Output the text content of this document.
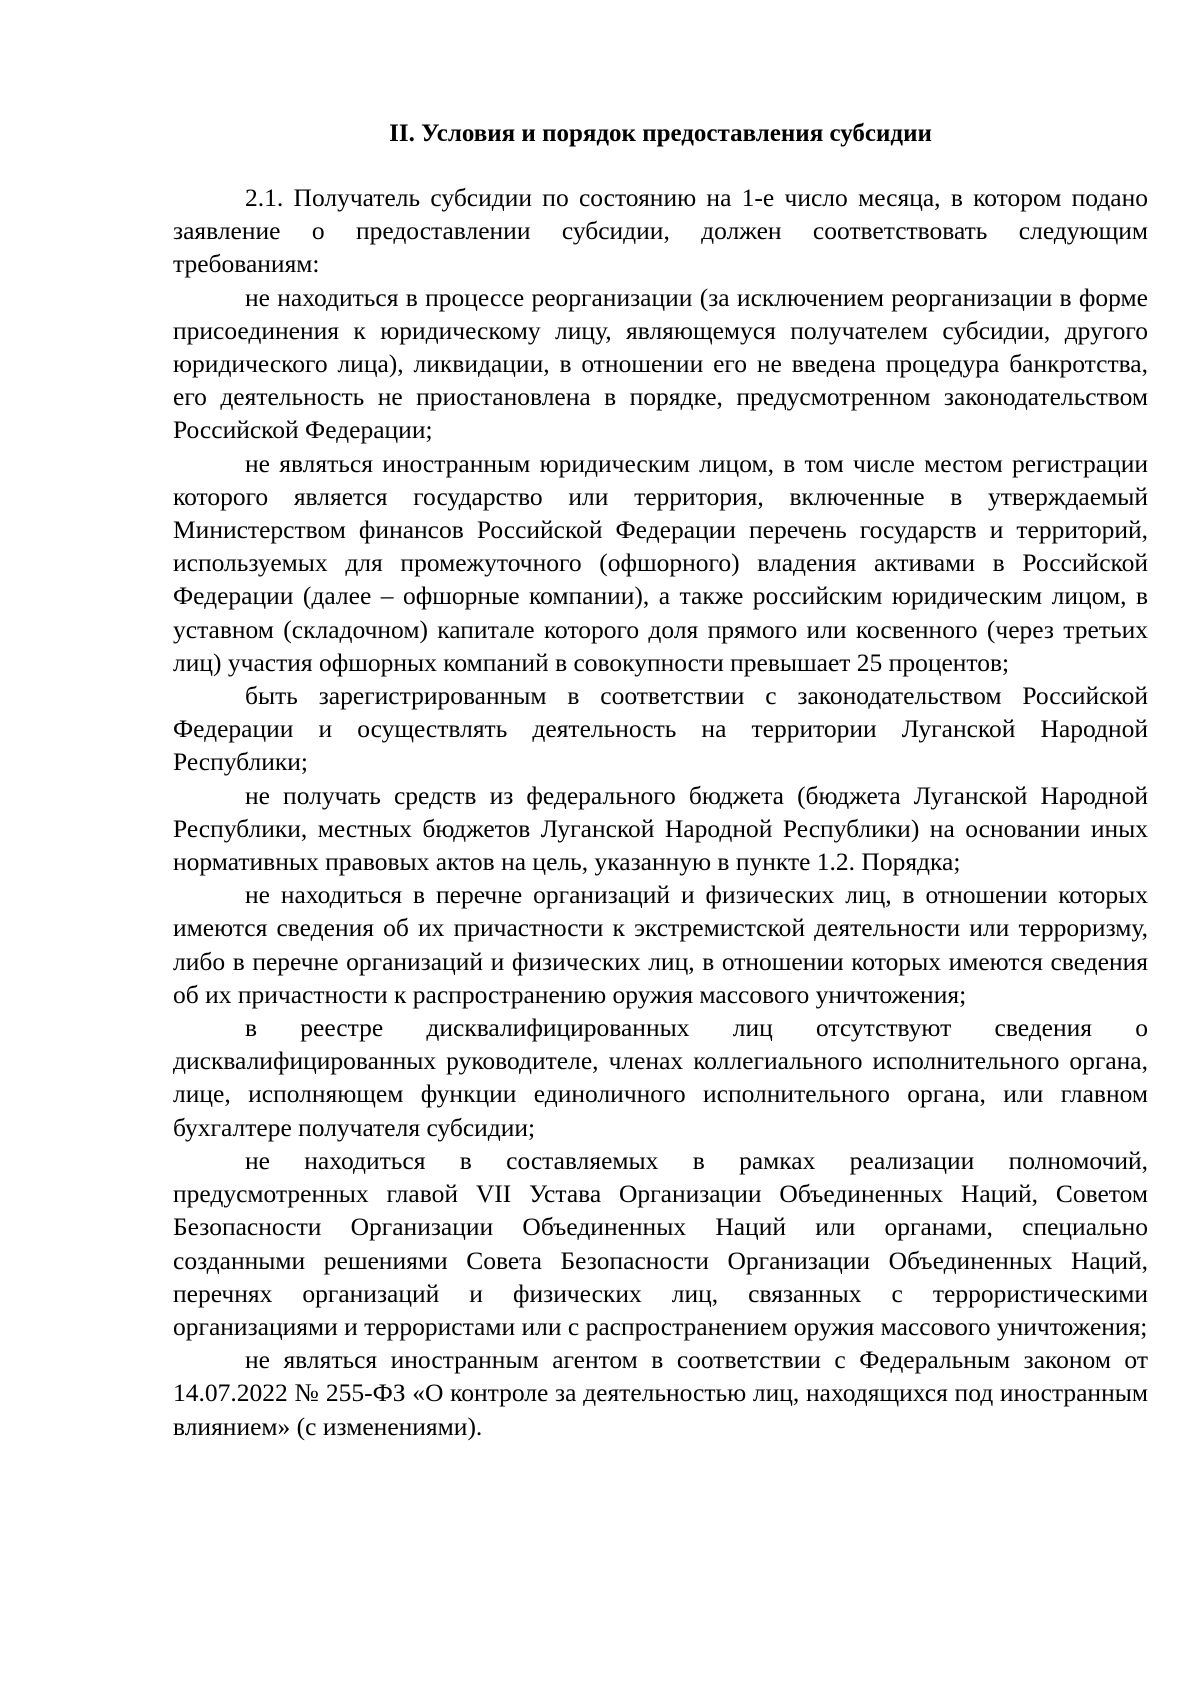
II. Условия и порядок предоставления субсидии

2.1. Получатель субсидии по состоянию на 1-е число месяца, в котором подано заявление о предоставлении субсидии, должен соответствовать следующим требованиям:

не находиться в процессе реорганизации (за исключением реорганизации в форме присоединения к юридическому лицу, являющемуся получателем субсидии, другого юридического лица), ликвидации, в отношении его не введена процедура банкротства, его деятельность не приостановлена в порядке, предусмотренном законодательством Российской Федерации;

не являться иностранным юридическим лицом, в том числе местом регистрации которого является государство или территория, включенные в утверждаемый Министерством финансов Российской Федерации перечень государств и территорий, используемых для промежуточного (офшорного) владения активами в Российской Федерации (далее – офшорные компании), а также российским юридическим лицом, в уставном (складочном) капитале которого доля прямого или косвенного (через третьих лиц) участия офшорных компаний в совокупности превышает 25 процентов;

быть зарегистрированным в соответствии с законодательством Российской Федерации и осуществлять деятельность на территории Луганской Народной Республики;

не получать средств из федерального бюджета (бюджета Луганской Народной Республики, местных бюджетов Луганской Народной Республики) на основании иных нормативных правовых актов на цель, указанную в пункте 1.2. Порядка;

не находиться в перечне организаций и физических лиц, в отношении которых имеются сведения об их причастности к экстремистской деятельности или терроризму, либо в перечне организаций и физических лиц, в отношении которых имеются сведения об их причастности к распространению оружия массового уничтожения;

в реестре дисквалифицированных лиц отсутствуют сведения о дисквалифицированных руководителе, членах коллегиального исполнительного органа, лице, исполняющем функции единоличного исполнительного органа, или главном бухгалтере получателя субсидии;

не находиться в составляемых в рамках реализации полномочий, предусмотренных главой VII Устава Организации Объединенных Наций, Советом Безопасности Организации Объединенных Наций или органами, специально созданными решениями Совета Безопасности Организации Объединенных Наций, перечнях организаций и физических лиц, связанных с террористическими организациями и террористами или с распространением оружия массового уничтожения;

не являться иностранным агентом в соответствии с Федеральным законом от 14.07.2022 № 255-ФЗ «О контроле за деятельностью лиц, находящихся под иностранным влиянием» (с изменениями).
